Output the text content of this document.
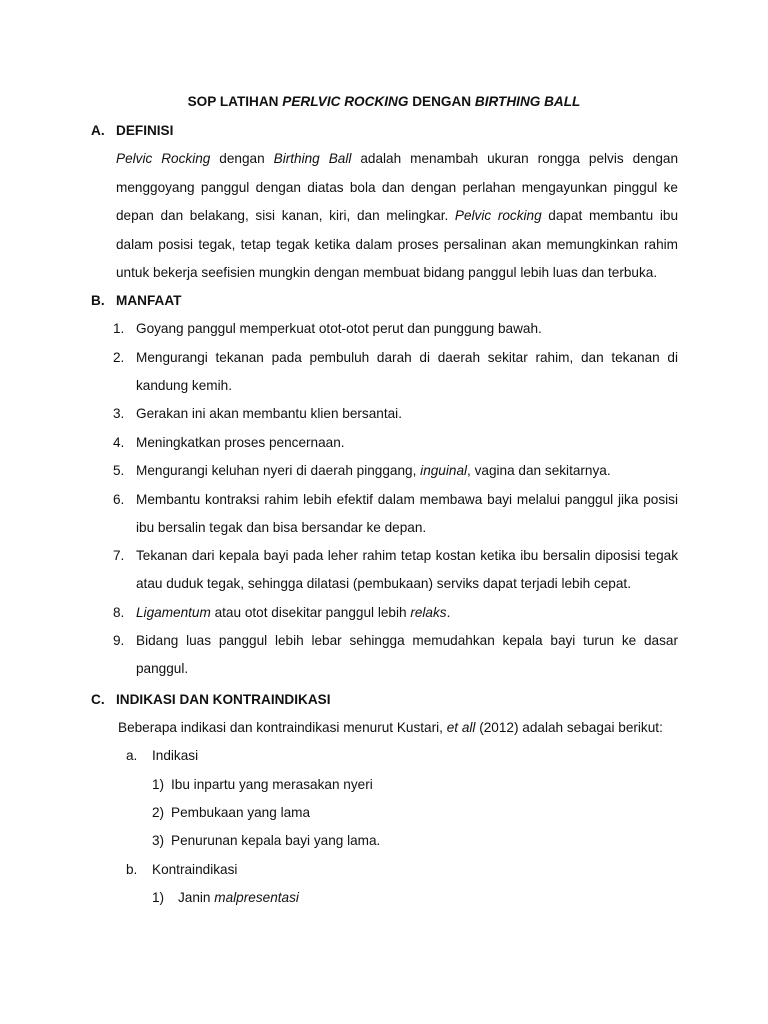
SOP LATIHAN PERLVIC ROCKING DENGAN BIRTHING BALL
A. DEFINISI
Pelvic Rocking dengan Birthing Ball adalah menambah ukuran rongga pelvis dengan menggoyang panggul dengan diatas bola dan dengan perlahan mengayunkan pinggul ke depan dan belakang, sisi kanan, kiri, dan melingkar. Pelvic rocking dapat membantu ibu dalam posisi tegak, tetap tegak ketika dalam proses persalinan akan memungkinkan rahim untuk bekerja seefisien mungkin dengan membuat bidang panggul lebih luas dan terbuka.
B. MANFAAT
1. Goyang panggul memperkuat otot-otot perut dan punggung bawah.
2. Mengurangi tekanan pada pembuluh darah di daerah sekitar rahim, dan tekanan di kandung kemih.
3. Gerakan ini akan membantu klien bersantai.
4. Meningkatkan proses pencernaan.
5. Mengurangi keluhan nyeri di daerah pinggang, inguinal, vagina dan sekitarnya.
6. Membantu kontraksi rahim lebih efektif dalam membawa bayi melalui panggul jika posisi ibu bersalin tegak dan bisa bersandar ke depan.
7. Tekanan dari kepala bayi pada leher rahim tetap kostan ketika ibu bersalin diposisi tegak atau duduk tegak, sehingga dilatasi (pembukaan) serviks dapat terjadi lebih cepat.
8. Ligamentum atau otot disekitar panggul lebih relaks.
9. Bidang luas panggul lebih lebar sehingga memudahkan kepala bayi turun ke dasar panggul.
C. INDIKASI DAN KONTRAINDIKASI
Beberapa indikasi dan kontraindikasi menurut Kustari, et all (2012) adalah sebagai berikut:
a. Indikasi
1) Ibu inpartu yang merasakan nyeri
2) Pembukaan yang lama
3) Penurunan kepala bayi yang lama.
b. Kontraindikasi
1) Janin malpresentasi
